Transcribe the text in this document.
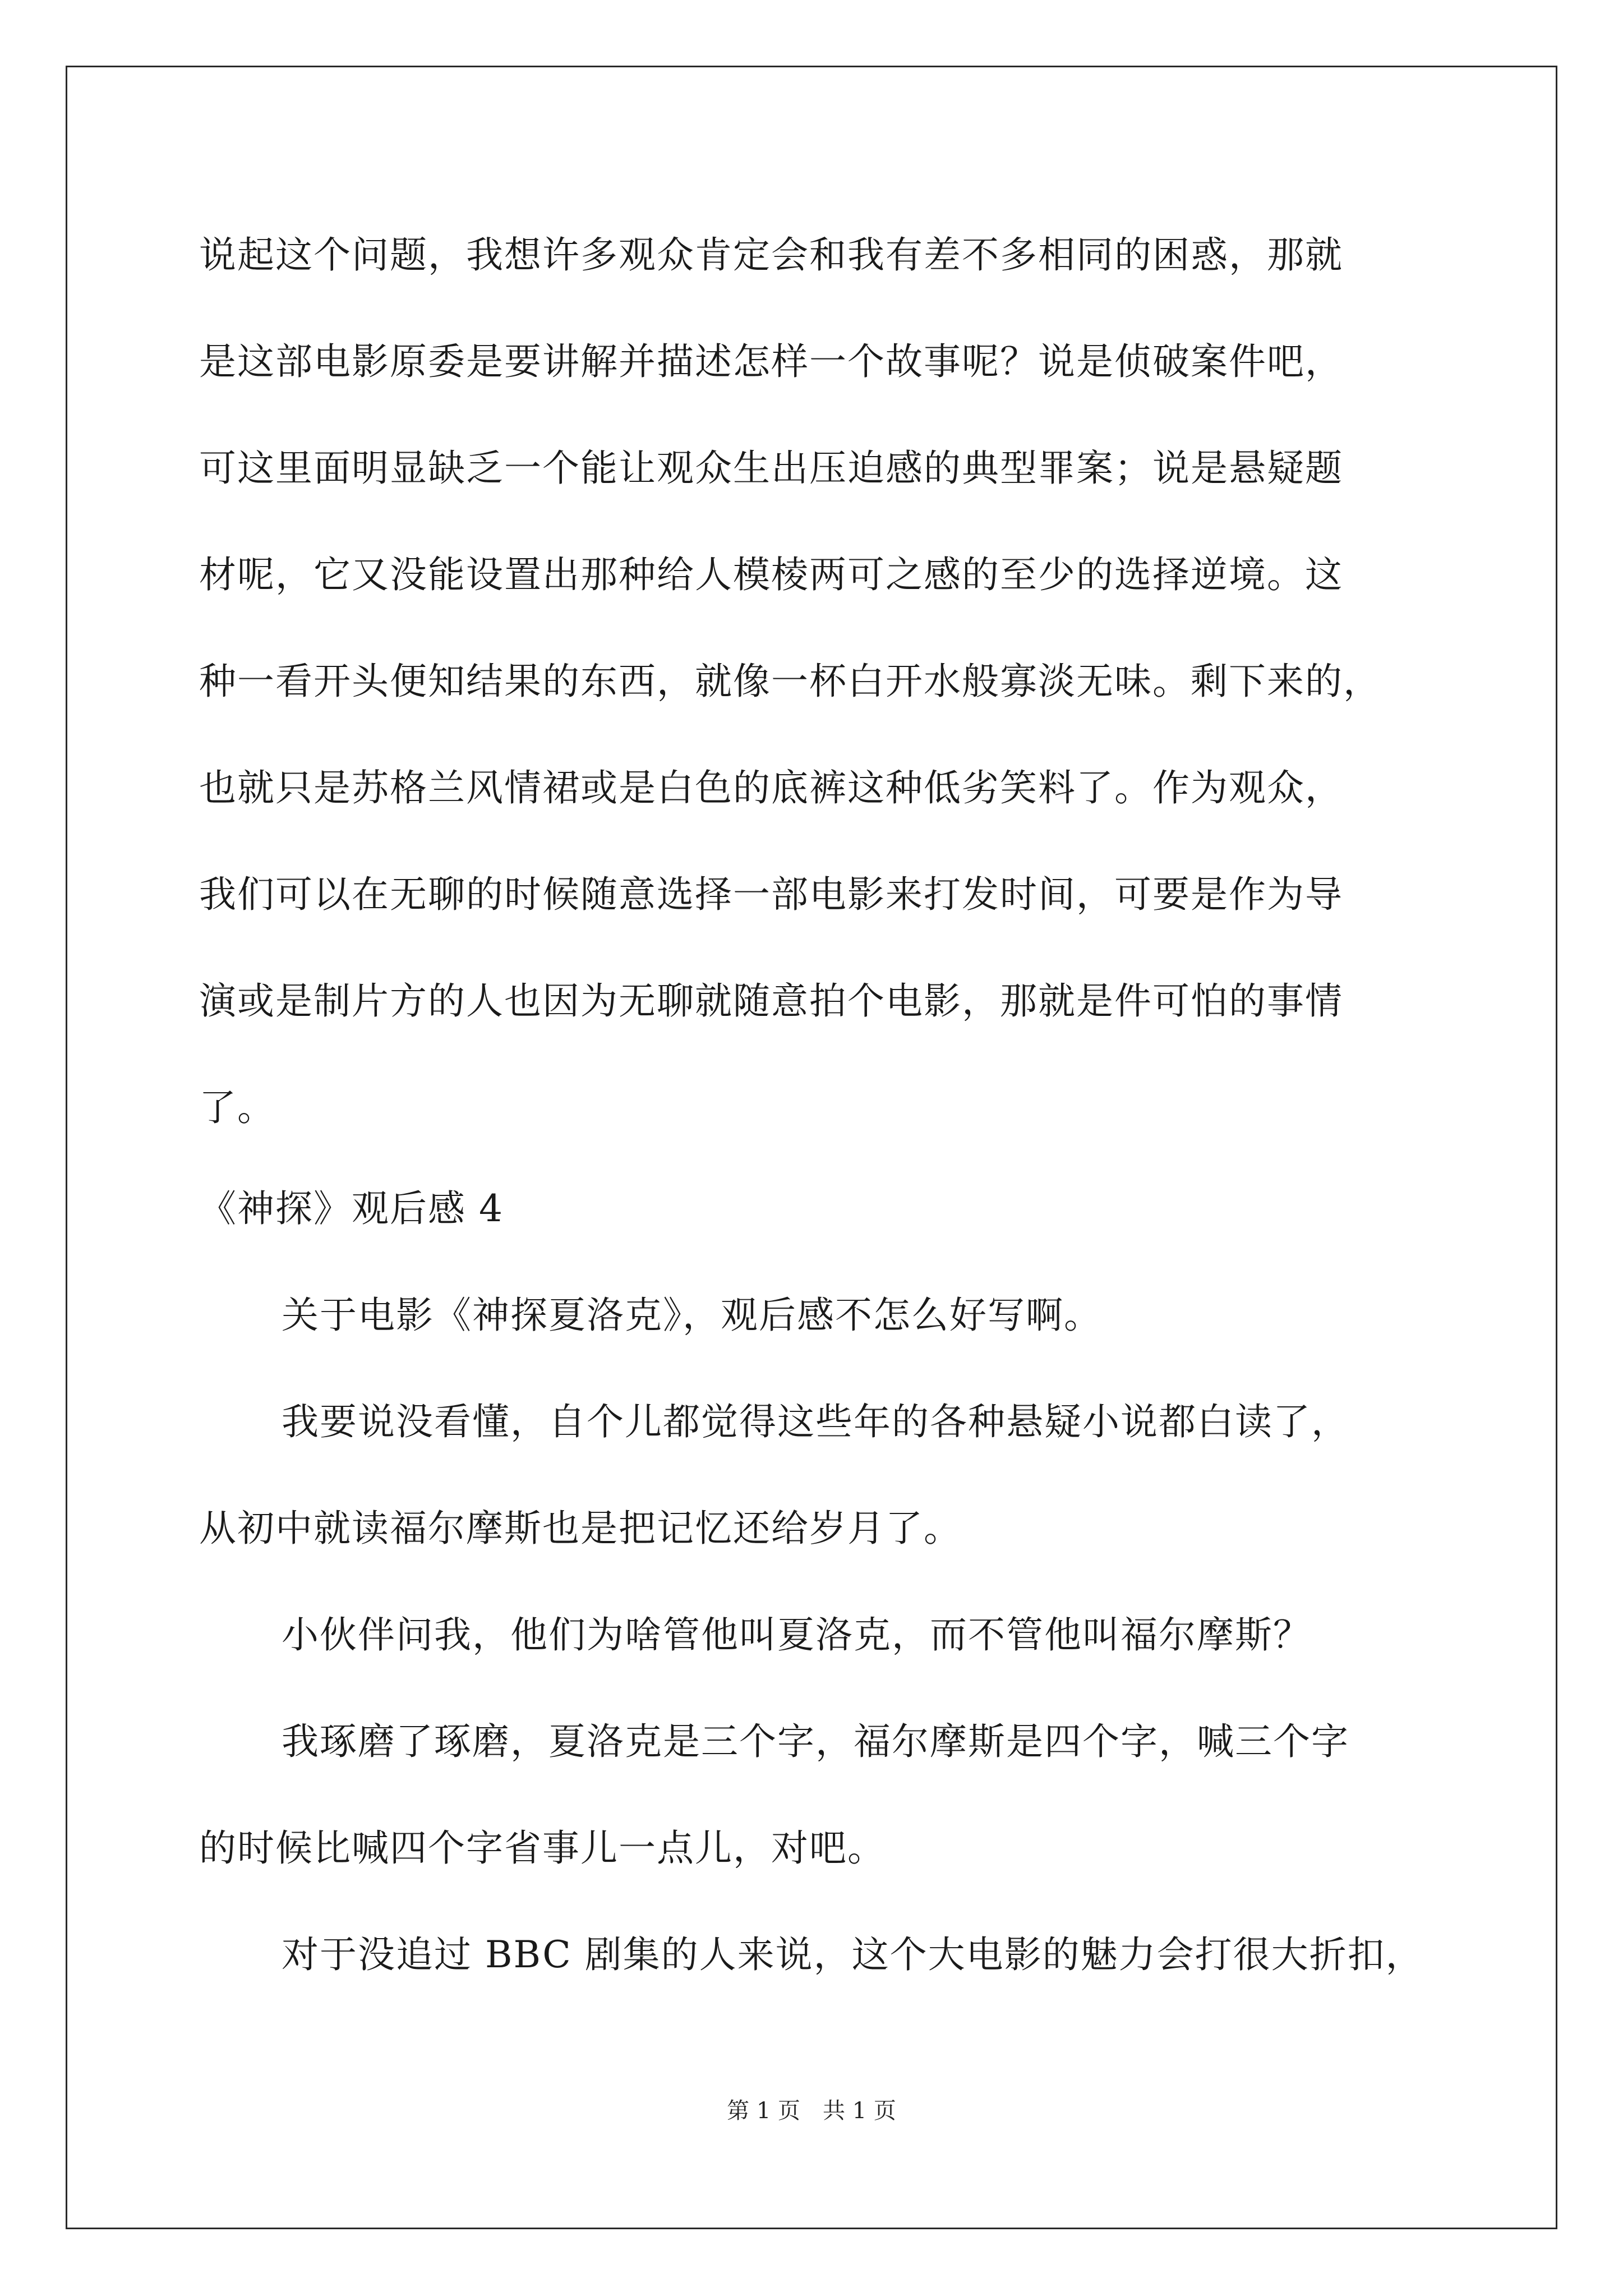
说起这个问题，我想许多观众肯定会和我有差不多相同的困惑，那就
是这部电影原委是要讲解并描述怎样一个故事呢？说是侦破案件吧，
可这里面明显缺乏一个能让观众生出压迫感的典型罪案；说是悬疑题
材呢，它又没能设置出那种给人模棱两可之感的至少的选择逆境。这
种一看开头便知结果的东西，就像一杯白开水般寡淡无味。剩下来的，
也就只是苏格兰风情裙或是白色的底裤这种低劣笑料了。作为观众，
我们可以在无聊的时候随意选择一部电影来打发时间，可要是作为导
演或是制片方的人也因为无聊就随意拍个电影，那就是件可怕的事情
了。
《神探》观后感 4
关于电影《神探夏洛克》，观后感不怎么好写啊。
我要说没看懂，自个儿都觉得这些年的各种悬疑小说都白读了，
从初中就读福尔摩斯也是把记忆还给岁月了。
小伙伴问我，他们为啥管他叫夏洛克，而不管他叫福尔摩斯？
我琢磨了琢磨，夏洛克是三个字，福尔摩斯是四个字，喊三个字
的时候比喊四个字省事儿一点儿，对吧。
对于没追过 BBC 剧集的人来说，这个大电影的魅力会打很大折扣，
第 1 页　共 1 页
